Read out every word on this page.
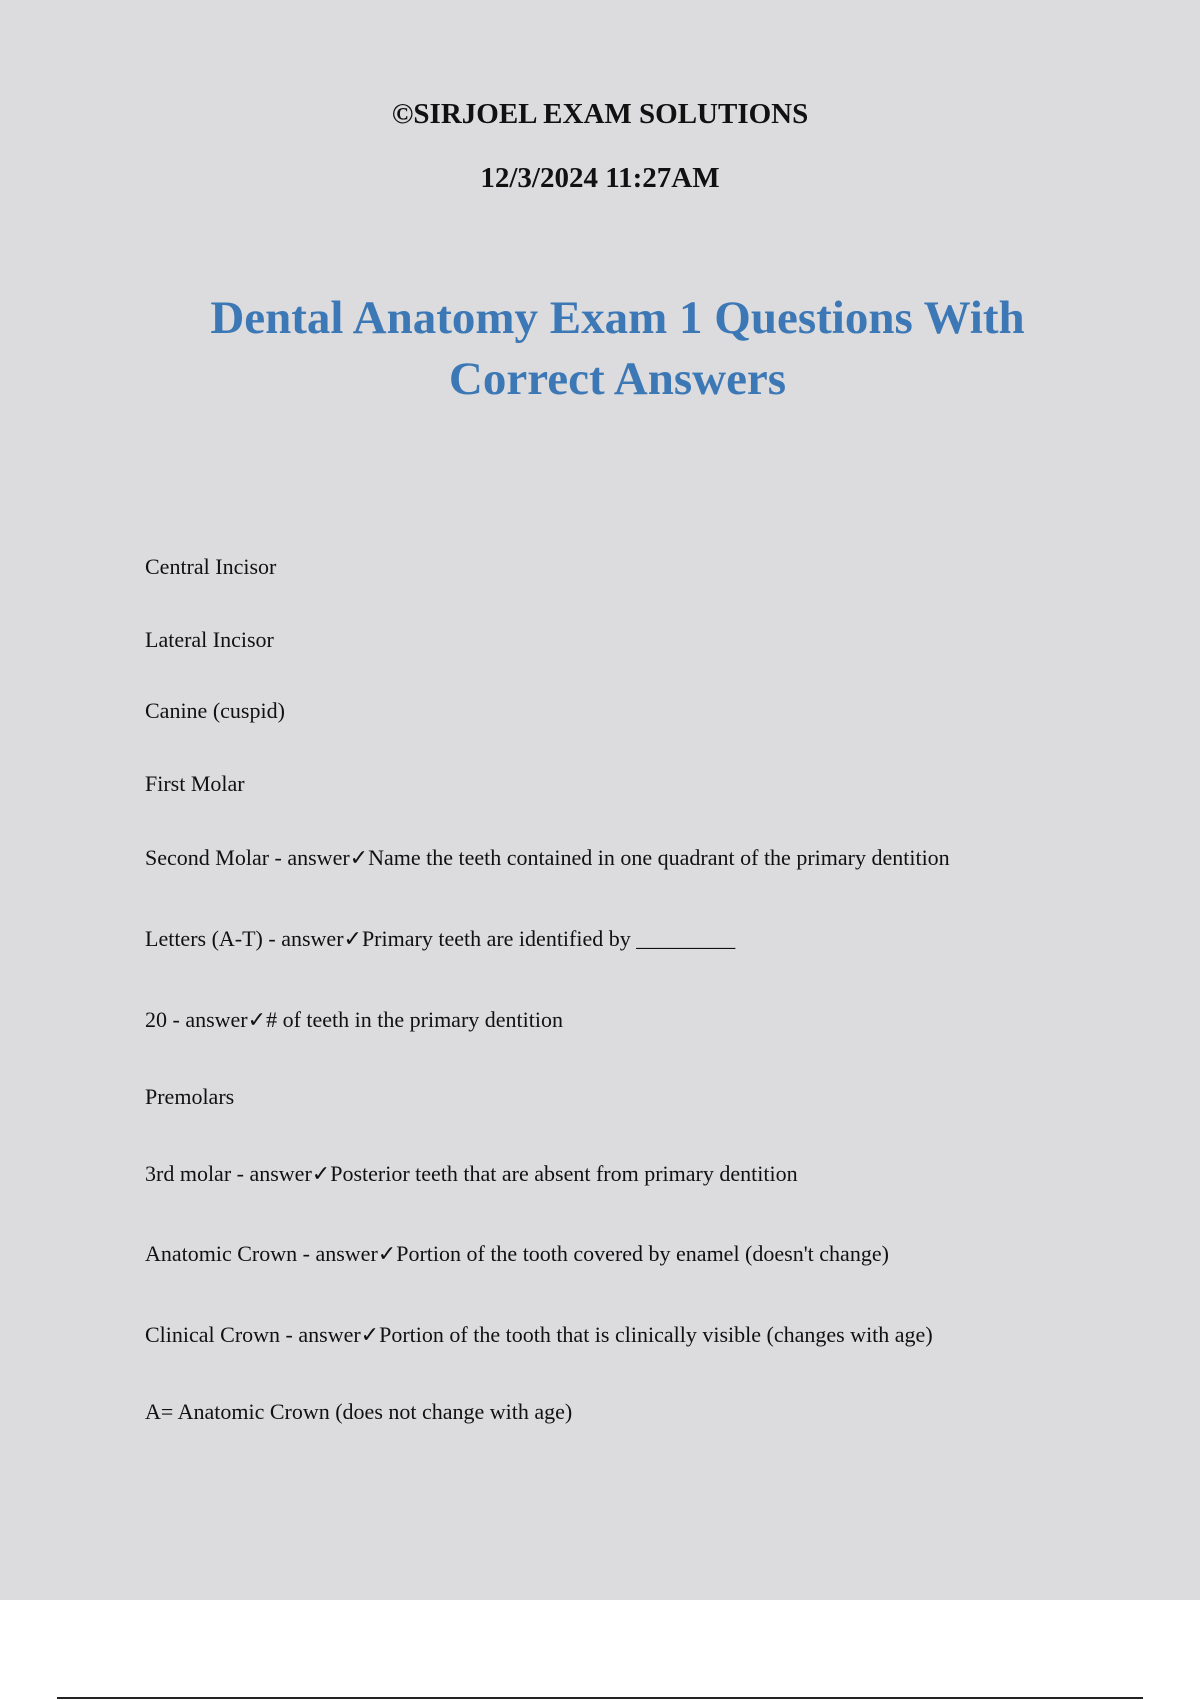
©SIRJOEL EXAM SOLUTIONS
12/3/2024 11:27AM
Dental Anatomy Exam 1 Questions With Correct Answers
Central Incisor
Lateral Incisor
Canine (cuspid)
First Molar
Second Molar - answer✓Name the teeth contained in one quadrant of the primary dentition
Letters (A-T) - answer✓Primary teeth are identified by _________
20 - answer✓# of teeth in the primary dentition
Premolars
3rd molar - answer✓Posterior teeth that are absent from primary dentition
Anatomic Crown - answer✓Portion of the tooth covered by enamel (doesn't change)
Clinical Crown - answer✓Portion of the tooth that is clinically visible (changes with age)
A= Anatomic Crown (does not change with age)
